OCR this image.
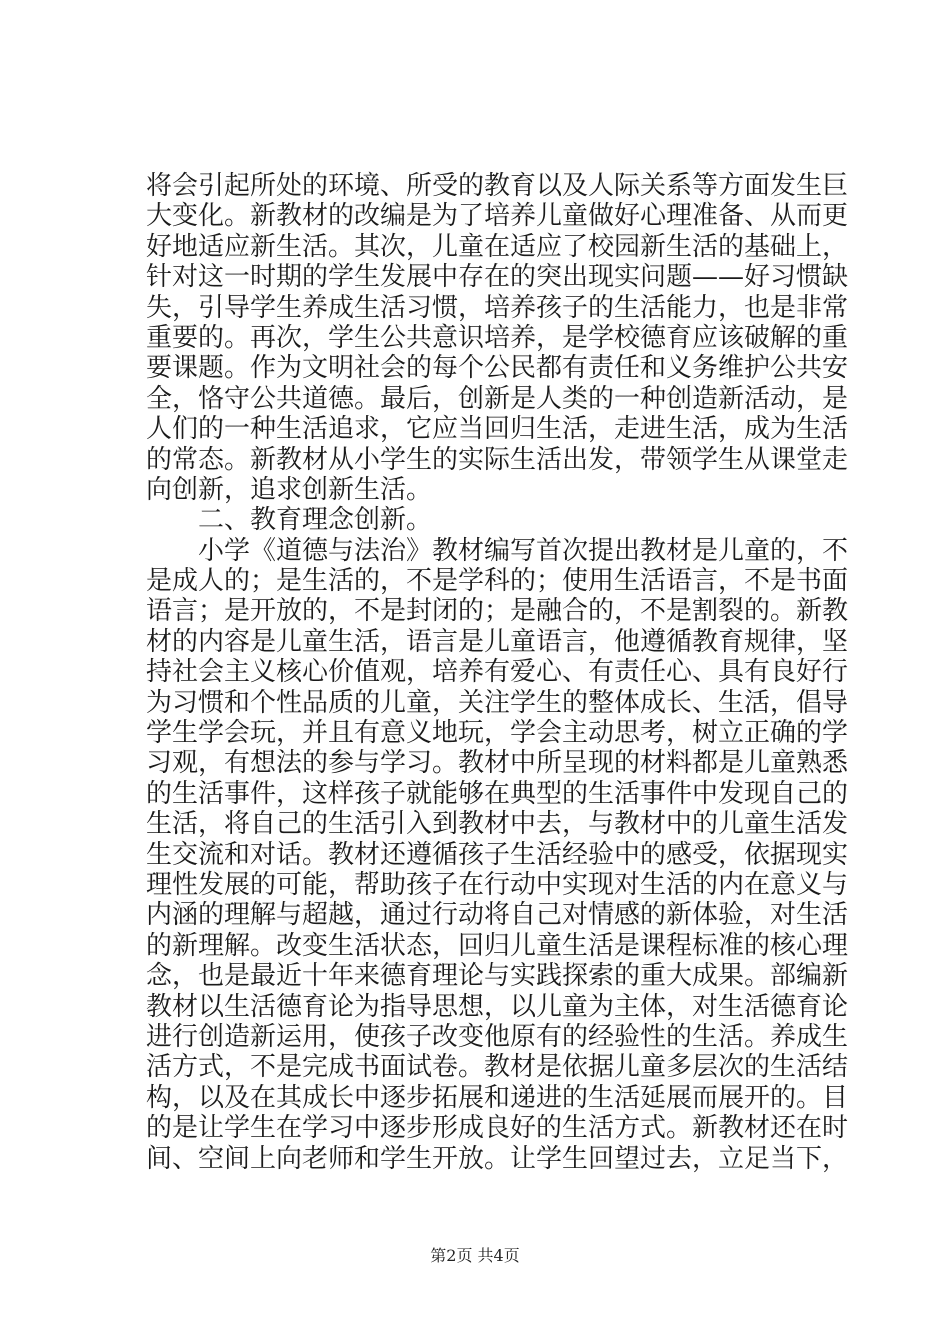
将会引起所处的环境、所受的教育以及人际关系等方面发生巨
大变化。新教材的改编是为了培养儿童做好心理准备、从而更
好地适应新生活。其次，儿童在适应了校园新生活的基础上，
针对这一时期的学生发展中存在的突出现实问题——好习惯缺
失，引导学生养成生活习惯，培养孩子的生活能力，也是非常
重要的。再次，学生公共意识培养，是学校德育应该破解的重
要课题。作为文明社会的每个公民都有责任和义务维护公共安
全，恪守公共道德。最后，创新是人类的一种创造新活动，是
人们的一种生活追求，它应当回归生活，走进生活，成为生活
的常态。新教材从小学生的实际生活出发，带领学生从课堂走
向创新，追求创新生活。
　　二、教育理念创新。
　　小学《道德与法治》教材编写首次提出教材是儿童的，不
是成人的；是生活的，不是学科的；使用生活语言，不是书面
语言；是开放的，不是封闭的；是融合的，不是割裂的。新教
材的内容是儿童生活，语言是儿童语言，他遵循教育规律，坚
持社会主义核心价值观，培养有爱心、有责任心、具有良好行
为习惯和个性品质的儿童，关注学生的整体成长、生活，倡导
学生学会玩，并且有意义地玩，学会主动思考，树立正确的学
习观，有想法的参与学习。教材中所呈现的材料都是儿童熟悉
的生活事件，这样孩子就能够在典型的生活事件中发现自己的
生活，将自己的生活引入到教材中去，与教材中的儿童生活发
生交流和对话。教材还遵循孩子生活经验中的感受，依据现实
理性发展的可能，帮助孩子在行动中实现对生活的内在意义与
内涵的理解与超越，通过行动将自己对情感的新体验，对生活
的新理解。改变生活状态，回归儿童生活是课程标准的核心理
念，也是最近十年来德育理论与实践探索的重大成果。部编新
教材以生活德育论为指导思想，以儿童为主体，对生活德育论
进行创造新运用，使孩子改变他原有的经验性的生活。养成生
活方式，不是完成书面试卷。教材是依据儿童多层次的生活结
构，以及在其成长中逐步拓展和递进的生活延展而展开的。目
的是让学生在学习中逐步形成良好的生活方式。新教材还在时
间、空间上向老师和学生开放。让学生回望过去，立足当下，
第2页 共4页
